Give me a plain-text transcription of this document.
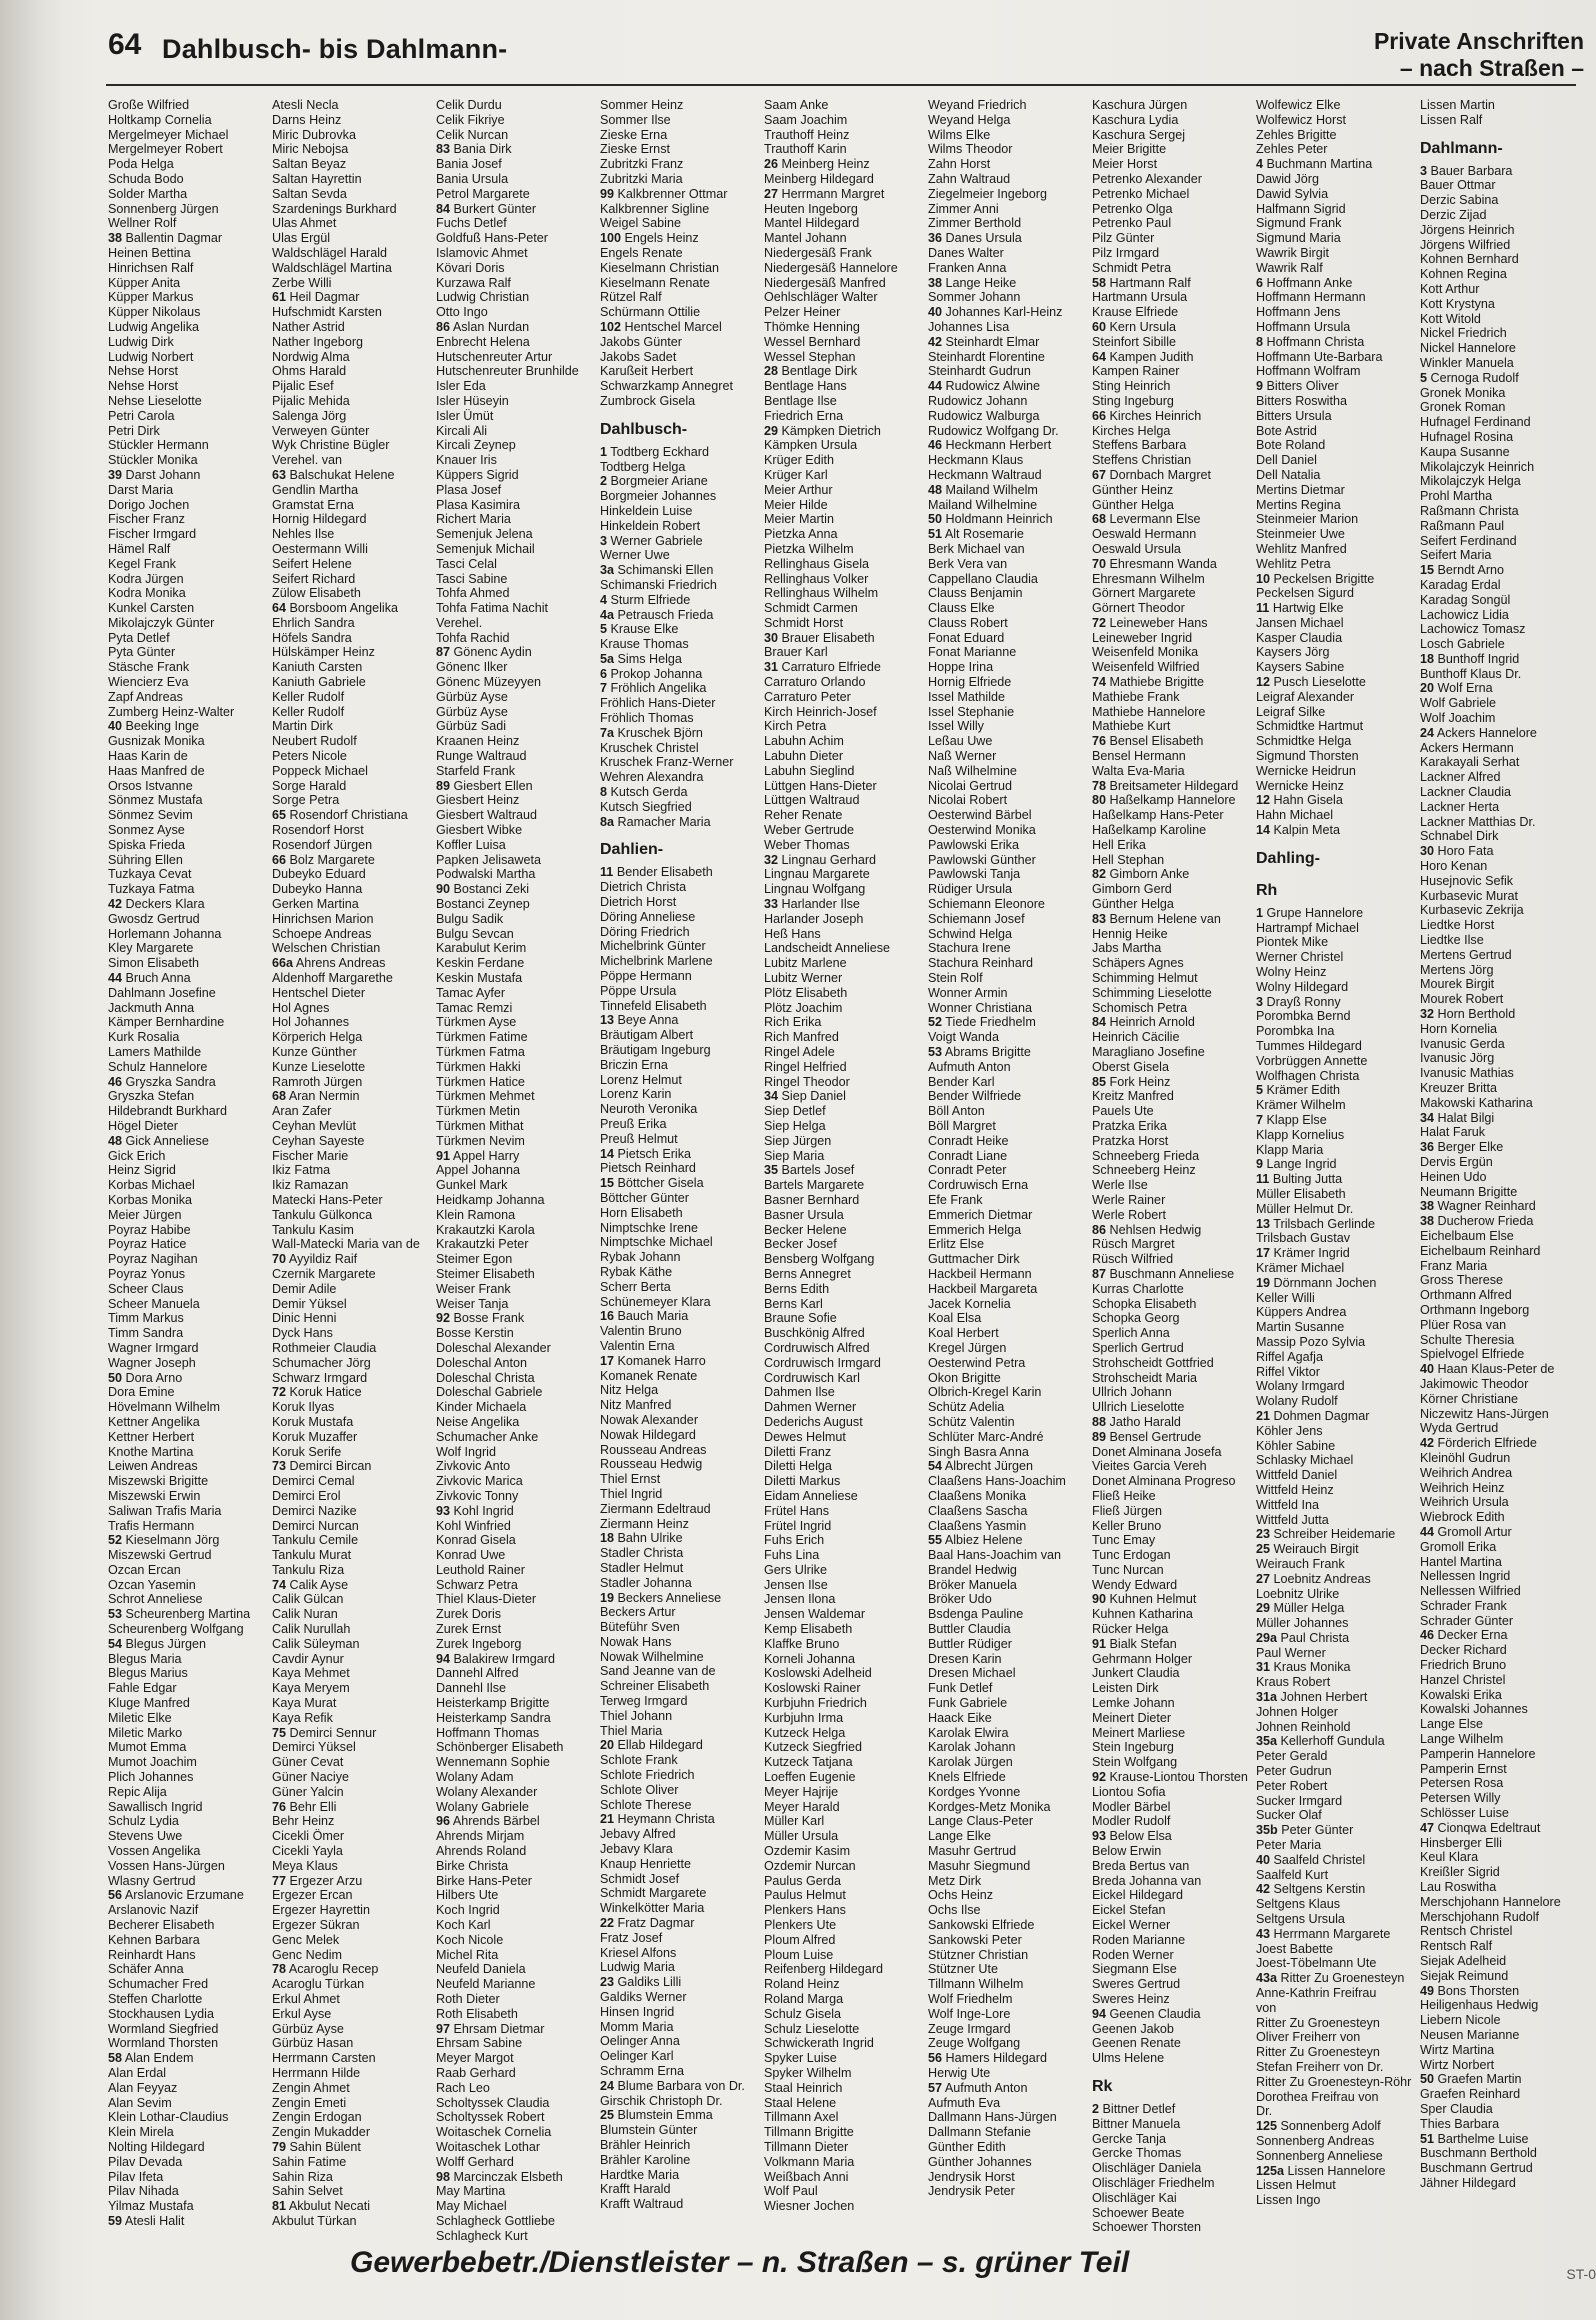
64 Dahlbusch- bis Dahlmann-	Private Anschriften
– nach Straßen –
Große Wilfried
Holtkamp Cornelia
Mergelmeyer Michael
Mergelmeyer Robert
Poda Helga
Schuda Bodo
Solder Martha
Sonnenberg Jürgen
Wellner Rolf
38 Ballentin Dagmar
Heinen Bettina
Hinrichsen Ralf
Küpper Anita
Küpper Markus
Küpper Nikolaus
Ludwig Angelika
Ludwig Dirk
Ludwig Norbert
Nehse Horst
Nehse Horst
Nehse Lieselotte
Petri Carola
Petri Dirk
Stückler Hermann
Stückler Monika
39 Darst Johann
Darst Maria
Dorigo Jochen
Fischer Franz
Fischer Irmgard
Hämel Ralf
Kegel Frank
Kodra Jürgen
Kodra Monika
Kunkel Carsten
Mikolajczyk Günter
Pyta Detlef
Pyta Günter
Stäsche Frank
Wiencierz Eva
Zapf Andreas
Zumberg Heinz-Walter
40 Beeking Inge
Gusnizak Monika
Haas Karin de
Haas Manfred de
Orsos Istvanne
Sönmez Mustafa
Sönmez Sevim
Sonmez Ayse
Spiska Frieda
Sühring Ellen
Tuzkaya Cevat
Tuzkaya Fatma
42 Deckers Klara
Gwosdz Gertrud
Horlemann Johanna
Kley Margarete
Simon Elisabeth
44 Bruch Anna
Dahlmann Josefine
Jackmuth Anna
Kämper Bernhardine
Kurk Rosalia
Lamers Mathilde
Schulz Hannelore
46 Gryszka Sandra
Gryszka Stefan
Hildebrandt Burkhard
Högel Dieter
48 Gick Anneliese
Gick Erich
Heinz Sigrid
Korbas Michael
Korbas Monika
Meier Jürgen
Poyraz Habibe
Poyraz Hatice
Poyraz Nagihan
Poyraz Yonus
Scheer Claus
Scheer Manuela
Timm Markus
Timm Sandra
Wagner Irmgard
Wagner Joseph
50 Dora Arno
Dora Emine
Hövelmann Wilhelm
Kettner Angelika
Kettner Herbert
Knothe Martina
Leiwen Andreas
Miszewski Brigitte
Miszewski Erwin
Saliwan Trafis Maria
Trafis Hermann
52 Kieselmann Jörg
Miszewski Gertrud
Ozcan Ercan
Ozcan Yasemin
Schrot Anneliese
53 Scheurenberg Martina
Scheurenberg Wolfgang
54 Blegus Jürgen
Blegus Maria
Blegus Marius
Fahle Edgar
Kluge Manfred
Miletic Elke
Miletic Marko
Mumot Emma
Mumot Joachim
Plich Johannes
Repic Alija
Sawallisch Ingrid
Schulz Lydia
Stevens Uwe
Vossen Angelika
Vossen Hans-Jürgen
Wlasny Gertrud
56 Arslanovic Erzumane
Arslanovic Nazif
Becherer Elisabeth
Kehnen Barbara
Reinhardt Hans
Schäfer Anna
Schumacher Fred
Steffen Charlotte
Stockhausen Lydia
Wormland Siegfried
Wormland Thorsten
58 Alan Endem
Alan Erdal
Alan Feyyaz
Alan Sevim
Klein Lothar-Claudius
Klein Mirela
Nolting Hildegard
Pilav Devada
Pilav Ifeta
Pilav Nihada
Yilmaz Mustafa
59 Atesli Halit
Atesli Necla
Darns Heinz
Miric Dubrovka
Miric Nebojsa
Saltan Beyaz
Saltan Hayrettin
Saltan Sevda
Szardenings Burkhard
Ulas Ahmet
Ulas Ergül
Waldschlägel Harald
Waldschlägel Martina
Zerbe Willi
61 Heil Dagmar
Hufschmidt Karsten
Nather Astrid
Nather Ingeborg
Nordwig Alma
Ohms Harald
Pijalic Esef
Pijalic Mehida
Salenga Jörg
Verweyen Günter
Wyk Christine Bügler
Verehel. van
63 Balschukat Helene
Gendlin Martha
Gramstat Erna
Hornig Hildegard
Nehles Ilse
Oestermann Willi
Seifert Helene
Seifert Richard
Zülow Elisabeth
64 Borsboom Angelika
Ehrlich Sandra
Höfels Sandra
Hülskämper Heinz
Kaniuth Carsten
Kaniuth Gabriele
Keller Rudolf
Keller Rudolf
Martin Dirk
Neubert Rudolf
Peters Nicole
Poppeck Michael
Sorge Harald
Sorge Petra
65 Rosendorf Christiana
Rosendorf Horst
Rosendorf Jürgen
66 Bolz Margarete
Dubeyko Eduard
Dubeyko Hanna
Gerken Martina
Hinrichsen Marion
Schoepe Andreas
Welschen Christian
66a Ahrens Andreas
Aldenhoff Margarethe
Hentschel Dieter
Hol Agnes
Hol Johannes
Körperich Helga
Kunze Günther
Kunze Lieselotte
Ramroth Jürgen
68 Aran Nermin
Aran Zafer
Ceyhan Mevlüt
Ceyhan Sayeste
Fischer Marie
Ikiz Fatma
Ikiz Ramazan
Matecki Hans-Peter
Tankulu Gülkonca
Tankulu Kasim
Wall-Matecki Maria van de
70 Ayyildiz Raif
Czernik Margarete
Demir Adile
Demir Yüksel
Dinic Henni
Dyck Hans
Rothmeier Claudia
Schumacher Jörg
Schwarz Irmgard
72 Koruk Hatice
Koruk Ilyas
Koruk Mustafa
Koruk Muzaffer
Koruk Serife
73 Demirci Bircan
Demirci Cemal
Demirci Erol
Demirci Nazike
Demirci Nurcan
Tankulu Cemile
Tankulu Murat
Tankulu Riza
74 Calik Ayse
Calik Gülcan
Calik Nuran
Calik Nurullah
Calik Süleyman
Cavdir Aynur
Kaya Mehmet
Kaya Meryem
Kaya Murat
Kaya Refik
75 Demirci Sennur
Demirci Yüksel
Güner Cevat
Güner Naciye
Güner Yalcin
76 Behr Elli
Behr Heinz
Cicekli Ömer
Cicekli Yayla
Meya Klaus
77 Ergezer Arzu
Ergezer Ercan
Ergezer Hayrettin
Ergezer Sükran
Genc Melek
Genc Nedim
78 Acaroglu Recep
Acaroglu Türkan
Erkul Ahmet
Erkul Ayse
Gürbüz Ayse
Gürbüz Hasan
Herrmann Carsten
Herrmann Hilde
Zengin Ahmet
Zengin Emeti
Zengin Erdogan
Zengin Mukadder
79 Sahin Bülent
Sahin Fatime
Sahin Riza
Sahin Selvet
81 Akbulut Necati
Akbulut Türkan
Celik Durdu
Celik Fikriye
Celik Nurcan
83 Bania Dirk
Bania Josef
Bania Ursula
Petrol Margarete
84 Burkert Günter
Fuchs Detlef
Goldfuß Hans-Peter
Islamovic Ahmet
Kövari Doris
Kurzawa Ralf
Ludwig Christian
Otto Ingo
86 Aslan Nurdan
Enbrecht Helena
Hutschenreuter Artur
Hutschenreuter Brunhilde
Isler Eda
Isler Hüseyin
Isler Ümüt
Kircali Ali
Kircali Zeynep
Knauer Iris
Küppers Sigrid
Plasa Josef
Plasa Kasimira
Richert Maria
Semenjuk Jelena
Semenjuk Michail
Tasci Celal
Tasci Sabine
Tohfa Ahmed
Tohfa Fatima Nachit
Verehel.
Tohfa Rachid
87 Gönenc Aydin
Gönenc Ilker
Gönenc Müzeyyen
Gürbüz Ayse
Gürbüz Ayse
Gürbüz Sadi
Kraanen Heinz
Runge Waltraud
Starfeld Frank
89 Giesbert Ellen
Giesbert Heinz
Giesbert Waltraud
Giesbert Wibke
Koffler Luisa
Papken Jelisaweta
Podwalski Martha
90 Bostanci Zeki
Bostanci Zeynep
Bulgu Sadik
Bulgu Sevcan
Karabulut Kerim
Keskin Ferdane
Keskin Mustafa
Tamac Ayfer
Tamac Remzi
Türkmen Ayse
Türkmen Fatime
Türkmen Fatma
Türkmen Hakki
Türkmen Hatice
Türkmen Mehmet
Türkmen Metin
Türkmen Mithat
Türkmen Nevim
91 Appel Harry
Appel Johanna
Gunkel Mark
Heidkamp Johanna
Klein Ramona
Krakautzki Karola
Krakautzki Peter
Steimer Egon
Steimer Elisabeth
Weiser Frank
Weiser Tanja
92 Bosse Frank
Bosse Kerstin
Doleschal Alexander
Doleschal Anton
Doleschal Christa
Doleschal Gabriele
Kinder Michaela
Neise Angelika
Schumacher Anke
Wolf Ingrid
Zivkovic Anto
Zivkovic Marica
Zivkovic Tonny
93 Kohl Ingrid
Kohl Winfried
Konrad Gisela
Konrad Uwe
Leuthold Rainer
Schwarz Petra
Thiel Klaus-Dieter
Zurek Doris
Zurek Ernst
Zurek Ingeborg
94 Balakirew Irmgard
Dannehl Alfred
Dannehl Ilse
Heisterkamp Brigitte
Heisterkamp Sandra
Hoffmann Thomas
Schönberger Elisabeth
Wennemann Sophie
Wolany Adam
Wolany Alexander
Wolany Gabriele
96 Ahrends Bärbel
Ahrends Mirjam
Ahrends Roland
Birke Christa
Birke Hans-Peter
Hilbers Ute
Koch Ingrid
Koch Karl
Koch Nicole
Michel Rita
Neufeld Daniela
Neufeld Marianne
Roth Dieter
Roth Elisabeth
97 Ehrsam Dietmar
Ehrsam Sabine
Meyer Margot
Raab Gerhard
Rach Leo
Scholtyssek Claudia
Scholtyssek Robert
Woitaschek Cornelia
Woitaschek Lothar
Wolff Gerhard
98 Marcinczak Elsbeth
May Martina
May Michael
Schlagheck Gottliebe
Schlagheck Kurt
Sommer Heinz
Sommer Ilse
Zieske Erna
Zieske Ernst
Zubritzki Franz
Zubritzki Maria
99 Kalkbrenner Ottmar
Kalkbrenner Sigline
Weigel Sabine
100 Engels Heinz
Engels Renate
Kieselmann Christian
Kieselmann Renate
Rützel Ralf
Schürmann Ottilie
102 Hentschel Marcel
Jakobs Günter
Jakobs Sadet
Karußeit Herbert
Schwarzkamp Annegret
Zumbrock Gisela
Dahlbusch-
1 Todtberg Eckhard
Todtberg Helga
2 Borgmeier Ariane
Borgmeier Johannes
Hinkeldein Luise
Hinkeldein Robert
3 Werner Gabriele
Werner Uwe
3a Schimanski Ellen
Schimanski Friedrich
4 Sturm Elfriede
4a Petrausch Frieda
5 Krause Elke
Krause Thomas
5a Sims Helga
6 Prokop Johanna
7 Fröhlich Angelika
Fröhlich Hans-Dieter
Fröhlich Thomas
7a Kruschek Björn
Kruschek Christel
Kruschek Franz-Werner
Wehren Alexandra
8 Kutsch Gerda
Kutsch Siegfried
8a Ramacher Maria
Dahlien-
11 Bender Elisabeth
Dietrich Christa
Dietrich Horst
Döring Anneliese
Döring Friedrich
Michelbrink Günter
Michelbrink Marlene
Pöppe Hermann
Pöppe Ursula
Tinnefeld Elisabeth
13 Beye Anna
Bräutigam Albert
Bräutigam Ingeburg
Briczin Erna
Lorenz Helmut
Lorenz Karin
Neuroth Veronika
Preuß Erika
Preuß Helmut
14 Pietsch Erika
Pietsch Reinhard
15 Böttcher Gisela
Böttcher Günter
Horn Elisabeth
Nimptschke Irene
Nimptschke Michael
Rybak Johann
Rybak Käthe
Scherr Berta
Schünemeyer Klara
16 Bauch Maria
Valentin Bruno
Valentin Erna
17 Komanek Harro
Komanek Renate
Nitz Helga
Nitz Manfred
Nowak Alexander
Nowak Hildegard
Rousseau Andreas
Rousseau Hedwig
Thiel Ernst
Thiel Ingrid
Ziermann Edeltraud
Ziermann Heinz
18 Bahn Ulrike
Stadler Christa
Stadler Helmut
Stadler Johanna
19 Beckers Anneliese
Beckers Artur
Büteführ Sven
Nowak Hans
Nowak Wilhelmine
Sand Jeanne van de
Schreiner Elisabeth
Terweg Irmgard
Thiel Johann
Thiel Maria
20 Ellab Hildegard
Schlote Frank
Schlote Friedrich
Schlote Oliver
Schlote Therese
21 Heymann Christa
Jebavy Alfred
Jebavy Klara
Knaup Henriette
Schmidt Josef
Schmidt Margarete
Winkelkötter Maria
22 Fratz Dagmar
Fratz Josef
Kriesel Alfons
Ludwig Maria
23 Galdiks Lilli
Galdiks Werner
Hinsen Ingrid
Momm Maria
Oelinger Anna
Oelinger Karl
Schramm Erna
24 Blume Barbara von Dr.
Girschik Christoph Dr.
25 Blumstein Emma
Blumstein Günter
Brähler Heinrich
Brähler Karoline
Hardtke Maria
Krafft Harald
Krafft Waltraud
Saam Anke
Saam Joachim
Trauthoff Heinz
Trauthoff Karin
26 Meinberg Heinz
Meinberg Hildegard
27 Herrmann Margret
Heuten Ingeborg
Mantel Hildegard
Mantel Johann
Niedergesäß Frank
Niedergesäß Hannelore
Niedergesäß Manfred
Oehlschläger Walter
Pelzer Heiner
Thömke Henning
Wessel Bernhard
Wessel Stephan
28 Bentlage Dirk
Bentlage Hans
Bentlage Ilse
Friedrich Erna
29 Kämpken Dietrich
Kämpken Ursula
Krüger Edith
Krüger Karl
Meier Arthur
Meier Hilde
Meier Martin
Pietzka Anna
Pietzka Wilhelm
Rellinghaus Gisela
Rellinghaus Volker
Rellinghaus Wilhelm
Schmidt Carmen
Schmidt Horst
30 Brauer Elisabeth
Brauer Karl
31 Carraturo Elfriede
Carraturo Orlando
Carraturo Peter
Kirch Heinrich-Josef
Kirch Petra
Labuhn Achim
Labuhn Dieter
Labuhn Sieglind
Lüttgen Hans-Dieter
Lüttgen Waltraud
Reher Renate
Weber Gertrude
Weber Thomas
32 Lingnau Gerhard
Lingnau Margarete
Lingnau Wolfgang
33 Harlander Ilse
Harlander Joseph
Heß Hans
Landscheidt Anneliese
Lubitz Marlene
Lubitz Werner
Plötz Elisabeth
Plötz Joachim
Rich Erika
Rich Manfred
Ringel Adele
Ringel Helfried
Ringel Theodor
34 Siep Daniel
Siep Detlef
Siep Helga
Siep Jürgen
Siep Maria
35 Bartels Josef
Bartels Margarete
Basner Bernhard
Basner Ursula
Becker Helene
Becker Josef
Bensberg Wolfgang
Berns Annegret
Berns Edith
Berns Karl
Braune Sofie
Buschkönig Alfred
Cordruwisch Alfred
Cordruwisch Irmgard
Cordruwisch Karl
Dahmen Ilse
Dahmen Werner
Dederichs August
Dewes Helmut
Diletti Franz
Diletti Helga
Diletti Markus
Eidam Anneliese
Frütel Hans
Frütel Ingrid
Fuhs Erich
Fuhs Lina
Gers Ulrike
Jensen Ilse
Jensen Ilona
Jensen Waldemar
Kemp Elisabeth
Klaffke Bruno
Korneli Johanna
Koslowski Adelheid
Koslowski Rainer
Kurbjuhn Friedrich
Kurbjuhn Irma
Kutzeck Helga
Kutzeck Siegfried
Kutzeck Tatjana
Loeffen Eugenie
Meyer Hajrije
Meyer Harald
Müller Karl
Müller Ursula
Ozdemir Kasim
Ozdemir Nurcan
Paulus Gerda
Paulus Helmut
Plenkers Hans
Plenkers Ute
Ploum Alfred
Ploum Luise
Reifenberg Hildegard
Roland Heinz
Roland Marga
Schulz Gisela
Schulz Lieselotte
Schwickerath Ingrid
Spyker Luise
Spyker Wilhelm
Staal Heinrich
Staal Helene
Tillmann Axel
Tillmann Brigitte
Tillmann Dieter
Volkmann Maria
Weißbach Anni
Wolf Paul
Wiesner Jochen
Weyand Friedrich
Weyand Helga
Wilms Elke
Wilms Theodor
Zahn Horst
Zahn Waltraud
Ziegelmeier Ingeborg
Zimmer Anni
Zimmer Berthold
36 Danes Ursula
Danes Walter
Franken Anna
38 Lange Heike
Sommer Johann
40 Johannes Karl-Heinz
Johannes Lisa
42 Steinhardt Elmar
Steinhardt Florentine
Steinhardt Gudrun
44 Rudowicz Alwine
Rudowicz Johann
Rudowicz Walburga
Rudowicz Wolfgang Dr.
46 Heckmann Herbert
Heckmann Klaus
Heckmann Waltraud
48 Mailand Wilhelm
Mailand Wilhelmine
50 Holdmann Heinrich
51 Alt Rosemarie
Berk Michael van
Berk Vera van
Cappellano Claudia
Clauss Benjamin
Clauss Elke
Clauss Robert
Fonat Eduard
Fonat Marianne
Hoppe Irina
Hornig Elfriede
Issel Mathilde
Issel Stephanie
Issel Willy
Leßau Uwe
Naß Werner
Naß Wilhelmine
Nicolai Gertrud
Nicolai Robert
Oesterwind Bärbel
Oesterwind Monika
Pawlowski Erika
Pawlowski Günther
Pawlowski Tanja
Rüdiger Ursula
Schiemann Eleonore
Schiemann Josef
Schwind Helga
Stachura Irene
Stachura Reinhard
Stein Rolf
Wonner Armin
Wonner Christiana
52 Tiede Friedhelm
Voigt Wanda
53 Abrams Brigitte
Aufmuth Anton
Bender Karl
Bender Wilfriede
Böll Anton
Böll Margret
Conradt Heike
Conradt Liane
Conradt Peter
Cordruwisch Erna
Efe Frank
Emmerich Dietmar
Emmerich Helga
Erlitz Else
Guttmacher Dirk
Hackbeil Hermann
Hackbeil Margareta
Jacek Kornelia
Koal Elsa
Koal Herbert
Kregel Jürgen
Oesterwind Petra
Okon Brigitte
Olbrich-Kregel Karin
Schütz Adelia
Schütz Valentin
Schlüter Marc-André
Singh Basra Anna
54 Albrecht Jürgen
Claaßens Hans-Joachim
Claaßens Monika
Claaßens Sascha
Claaßens Yasmin
55 Albiez Helene
Baal Hans-Joachim van
Brandel Hedwig
Bröker Manuela
Bröker Udo
Bsdenga Pauline
Buttler Claudia
Buttler Rüdiger
Dresen Karin
Dresen Michael
Funk Detlef
Funk Gabriele
Haack Eike
Karolak Elwira
Karolak Johann
Karolak Jürgen
Knels Elfriede
Kordges Yvonne
Kordges-Metz Monika
Lange Claus-Peter
Lange Elke
Masuhr Gertrud
Masuhr Siegmund
Metz Dirk
Ochs Heinz
Ochs Ilse
Sankowski Elfriede
Sankowski Peter
Stützner Christian
Stützner Ute
Tillmann Wilhelm
Wolf Friedhelm
Wolf Inge-Lore
Zeuge Irmgard
Zeuge Wolfgang
56 Hamers Hildegard
Herwig Ute
57 Aufmuth Anton
Aufmuth Eva
Dallmann Hans-Jürgen
Dallmann Stefanie
Günther Edith
Günther Johannes
Jendrysik Horst
Jendrysik Peter
Kaschura Jürgen
Kaschura Lydia
Kaschura Sergej
Meier Brigitte
Meier Horst
Petrenko Alexander
Petrenko Michael
Petrenko Olga
Petrenko Paul
Pilz Günter
Pilz Irmgard
Schmidt Petra
58 Hartmann Ralf
Hartmann Ursula
Krause Elfriede
60 Kern Ursula
Steinfort Sibille
64 Kampen Judith
Kampen Rainer
Sting Heinrich
Sting Ingeburg
66 Kirches Heinrich
Kirches Helga
Steffens Barbara
Steffens Christian
67 Dornbach Margret
Günther Heinz
Günther Helga
68 Levermann Else
Oeswald Hermann
Oeswald Ursula
70 Ehresmann Wanda
Ehresmann Wilhelm
Görnert Margarete
Görnert Theodor
72 Leineweber Hans
Leineweber Ingrid
Weisenfeld Monika
Weisenfeld Wilfried
74 Mathiebe Brigitte
Mathiebe Frank
Mathiebe Hannelore
Mathiebe Kurt
76 Bensel Elisabeth
Bensel Hermann
Walta Eva-Maria
78 Breitsameter Hildegard
80 Haßelkamp Hannelore
Haßelkamp Hans-Peter
Haßelkamp Karoline
Hell Erika
Hell Stephan
82 Gimborn Anke
Gimborn Gerd
Günther Helga
83 Bernum Helene van
Hennig Heike
Jabs Martha
Schäpers Agnes
Schimming Helmut
Schimming Lieselotte
Schomisch Petra
84 Heinrich Arnold
Heinrich Cäcilie
Maragliano Josefine
Oberst Gisela
85 Fork Heinz
Kreitz Manfred
Pauels Ute
Pratzka Erika
Pratzka Horst
Schneeberg Frieda
Schneeberg Heinz
Werle Ilse
Werle Rainer
Werle Robert
86 Nehlsen Hedwig
Rüsch Margret
Rüsch Wilfried
87 Buschmann Anneliese
Kurras Charlotte
Schopka Elisabeth
Schopka Georg
Sperlich Anna
Sperlich Gertrud
Strohscheidt Gottfried
Strohscheidt Maria
Ullrich Johann
Ullrich Lieselotte
88 Jatho Harald
89 Bensel Gertrude
Donet Alminana Josefa
Vieites Garcia Vereh
Donet Alminana Progreso
Fließ Heike
Fließ Jürgen
Keller Bruno
Tunc Emay
Tunc Erdogan
Tunc Nurcan
Wendy Edward
90 Kuhnen Helmut
Kuhnen Katharina
Rücker Helga
91 Bialk Stefan
Gehrmann Holger
Junkert Claudia
Leisten Dirk
Lemke Johann
Meinert Dieter
Meinert Marliese
Stein Ingeburg
Stein Wolfgang
92 Krause-Liontou Thorsten
Liontou Sofia
Modler Bärbel
Modler Rudolf
93 Below Elsa
Below Erwin
Breda Bertus van
Breda Johanna van
Eickel Hildegard
Eickel Stefan
Eickel Werner
Roden Marianne
Roden Werner
Siegmann Else
Sweres Gertrud
Sweres Heinz
94 Geenen Claudia
Geenen Jakob
Geenen Renate
Ulms Helene
Rk
2 Bittner Detlef
Bittner Manuela
Gercke Tanja
Gercke Thomas
Olischläger Daniela
Olischläger Friedhelm
Olischläger Kai
Schoewer Beate
Schoewer Thorsten
Wolfewicz Elke
Wolfewicz Horst
Zehles Brigitte
Zehles Peter
4 Buchmann Martina
Dawid Jörg
Dawid Sylvia
Halfmann Sigrid
Sigmund Frank
Sigmund Maria
Wawrik Birgit
Wawrik Ralf
6 Hoffmann Anke
Hoffmann Hermann
Hoffmann Jens
Hoffmann Ursula
8 Hoffmann Christa
Hoffmann Ute-Barbara
Hoffmann Wolfram
9 Bitters Oliver
Bitters Roswitha
Bitters Ursula
Bote Astrid
Bote Roland
Dell Daniel
Dell Natalia
Mertins Dietmar
Mertins Regina
Steinmeier Marion
Steinmeier Uwe
Wehlitz Manfred
Wehlitz Petra
10 Peckelsen Brigitte
Peckelsen Sigurd
11 Hartwig Elke
Jansen Michael
Kasper Claudia
Kaysers Jörg
Kaysers Sabine
12 Pusch Lieselotte
Leigraf Alexander
Leigraf Silke
Schmidtke Hartmut
Schmidtke Helga
Sigmund Thorsten
Wernicke Heidrun
Wernicke Heinz
12 Hahn Gisela
Hahn Michael
14 Kalpin Meta
Dahling-
Rh
1 Grupe Hannelore
Hartrampf Michael
Piontek Mike
Werner Christel
Wolny Heinz
Wolny Hildegard
3 Drayß Ronny
Porombka Bernd
Porombka Ina
Tummes Hildegard
Vorbrüggen Annette
Wolfhagen Christa
5 Krämer Edith
Krämer Wilhelm
7 Klapp Else
Klapp Kornelius
Klapp Maria
9 Lange Ingrid
11 Bulting Jutta
Müller Elisabeth
Müller Helmut Dr.
13 Trilsbach Gerlinde
Trilsbach Gustav
17 Krämer Ingrid
Krämer Michael
19 Dörnmann Jochen
Keller Willi
Küppers Andrea
Martin Susanne
Massip Pozo Sylvia
Riffel Agafja
Riffel Viktor
Wolany Irmgard
Wolany Rudolf
21 Dohmen Dagmar
Köhler Jens
Köhler Sabine
Schlasky Michael
Wittfeld Daniel
Wittfeld Heinz
Wittfeld Ina
Wittfeld Jutta
23 Schreiber Heidemarie
25 Weirauch Birgit
Weirauch Frank
27 Loebnitz Andreas
Loebnitz Ulrike
29 Müller Helga
Müller Johannes
29a Paul Christa
Paul Werner
31 Kraus Monika
Kraus Robert
31a Johnen Herbert
Johnen Holger
Johnen Reinhold
35a Kellerhoff Gundula
Peter Gerald
Peter Gudrun
Peter Robert
Sucker Irmgard
Sucker Olaf
35b Peter Günter
Peter Maria
40 Saalfeld Christel
Saalfeld Kurt
42 Seltgens Kerstin
Seltgens Klaus
Seltgens Ursula
43 Herrmann Margarete
Joest Babette
Joest-Töbelmann Ute
43a Ritter Zu Groenesteyn
Anne-Kathrin Freifrau
von
Ritter Zu Groenesteyn
Oliver Freiherr von
Ritter Zu Groenesteyn
Stefan Freiherr von Dr.
Ritter Zu Groenesteyn-Röhr
Dorothea Freifrau von
Dr.
125 Sonnenberg Adolf
Sonnenberg Andreas
Sonnenberg Anneliese
125a Lissen Hannelore
Lissen Helmut
Lissen Ingo
Lissen Martin
Lissen Ralf
Dahlmann-
3 Bauer Barbara
Bauer Ottmar
Derzic Sabina
Derzic Zijad
Jörgens Heinrich
Jörgens Wilfried
Kohnen Bernhard
Kohnen Regina
Kott Arthur
Kott Krystyna
Kott Witold
Nickel Friedrich
Nickel Hannelore
Winkler Manuela
5 Cernoga Rudolf
Gronek Monika
Gronek Roman
Hufnagel Ferdinand
Hufnagel Rosina
Kaupa Susanne
Mikolajczyk Heinrich
Mikolajczyk Helga
Prohl Martha
Raßmann Christa
Raßmann Paul
Seifert Ferdinand
Seifert Maria
15 Berndt Arno
Karadag Erdal
Karadag Songül
Lachowicz Lidia
Lachowicz Tomasz
Losch Gabriele
18 Bunthoff Ingrid
Bunthoff Klaus Dr.
20 Wolf Erna
Wolf Gabriele
Wolf Joachim
24 Ackers Hannelore
Ackers Hermann
Karakayali Serhat
Lackner Alfred
Lackner Claudia
Lackner Herta
Lackner Matthias Dr.
Schnabel Dirk
30 Horo Fata
Horo Kenan
Husejnovic Sefik
Kurbasevic Murat
Kurbasevic Zekrija
Liedtke Horst
Liedtke Ilse
Mertens Gertrud
Mertens Jörg
Mourek Birgit
Mourek Robert
32 Horn Berthold
Horn Kornelia
Ivanusic Gerda
Ivanusic Jörg
Ivanusic Mathias
Kreuzer Britta
Makowski Katharina
34 Halat Bilgi
Halat Faruk
36 Berger Elke
Dervis Ergün
Heinen Udo
Neumann Brigitte
38 Wagner Reinhard
38 Ducherow Frieda
Eichelbaum Else
Eichelbaum Reinhard
Franz Maria
Gross Therese
Orthmann Alfred
Orthmann Ingeborg
Plüer Rosa van
Schulte Theresia
Spielvogel Elfriede
40 Haan Klaus-Peter de
Jakimowic Theodor
Körner Christiane
Niczewitz Hans-Jürgen
Wyda Gertrud
42 Förderich Elfriede
Kleinöhl Gudrun
Weihrich Andrea
Weihrich Heinz
Weihrich Ursula
Wiebrock Edith
44 Gromoll Artur
Gromoll Erika
Hantel Martina
Nellessen Ingrid
Nellessen Wilfried
Schrader Frank
Schrader Günter
46 Decker Erna
Decker Richard
Friedrich Bruno
Hanzel Christel
Kowalski Erika
Kowalski Johannes
Lange Else
Lange Wilhelm
Pamperin Hannelore
Pamperin Ernst
Petersen Rosa
Petersen Willy
Schlösser Luise
47 Cionqwa Edeltraut
Hinsberger Elli
Keul Klara
Kreißler Sigrid
Lau Roswitha
Merschjohann Hannelore
Merschjohann Rudolf
Rentsch Christel
Rentsch Ralf
Siejak Adelheid
Siejak Reimund
49 Bons Thorsten
Heiligenhaus Hedwig
Liebern Nicole
Neusen Marianne
Wirtz Martina
Wirtz Norbert
50 Graefen Martin
Graefen Reinhard
Sper Claudia
Thies Barbara
51 Barthelme Luise
Buschmann Berthold
Buschmann Gertrud
Jähner Hildegard
Gewerbebetr./Dienstleister – n. Straßen – s. grüner Teil	ST-0
